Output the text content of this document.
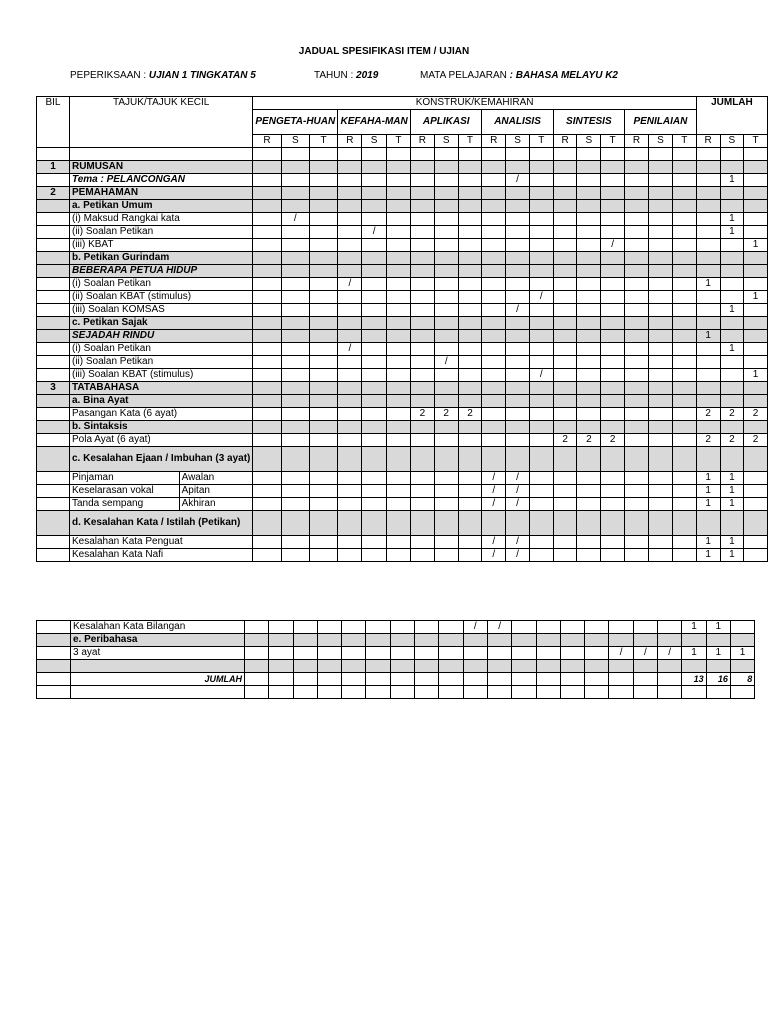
JADUAL SPESIFIKASI ITEM / UJIAN
PEPERIKSAAN : UJIAN 1 TINGKATAN 5	TAHUN : 2019	MATA PELAJARAN : BAHASA MELAYU K2
BIL	TAJUK/TAJUK KECIL		KONSTRUK/KEMAHIRAN																		JUMLAH		
			PENGETA-HUAN			KEFAHA-MAN			APLIKASI			ANALISIS			SINTESIS			PENILAIAN					
			R	S	T	R	S	T	R	S	T	R	S	T	R	S	T	R	S	T	R	S	T

1	RUMUSAN																						
	Tema : PELANCONGAN												/									1	
2	PEMAHAMAN																						
	a. Petikan Umum																						
	(i) Maksud Rangkai kata			/																		1	
	(ii) Soalan Petikan						/															1	
	(iii) KBAT																/						1
	b. Petikan Gurindam																						
	BEBERAPA PETUA HIDUP																						
	(i) Soalan Petikan					/															1		
	(ii) Soalan KBAT (stimulus)													/									1
	(iii) Soalan KOMSAS												/									1	
	c. Petikan Sajak																						
	SEJADAH RINDU																				1		
	(i) Soalan Petikan					/																1	
	(ii) Soalan Petikan									/													
	(iii) Soalan KBAT (stimulus)													/									1
3	TATABAHASA																						
	a. Bina Ayat																						
	Pasangan Kata (6 ayat)								2	2	2										2	2	2
	b. Sintaksis																						
	Pola Ayat (6 ayat)														2	2	2				2	2	2
	c. Kesalahan Ejaan / Imbuhan (3 ayat)																						
	Pinjaman	Awalan										/	/								1	1	
	Keselarasan vokal	Apitan										/	/								1	1	
	Tanda sempang	Akhiran										/	/								1	1	
	d. Kesalahan Kata / Istilah (Petikan)																						
	Kesalahan Kata Penguat											/	/								1	1	
	Kesalahan Kata Nafi											/	/								1	1	
	Kesalahan Kata Bilangan										/	/								1	1	
	e. Peribahasa																					
	3 ayat																/	/	/	1	1	1

	JUMLAH																			13	16	8
